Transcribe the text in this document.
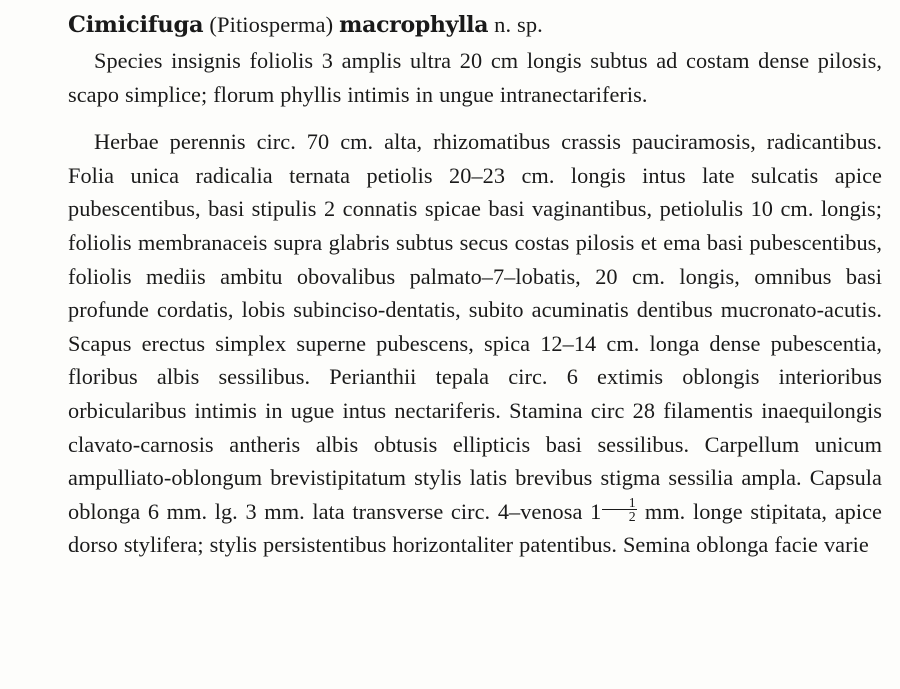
Cimicifuga (Pitiosperma) macrophylla n. sp.

Species insignis foliolis 3 amplis ultra 20 cm longis subtus ad costam dense pilosis, scapo simplice; florum phyllis intimis in ungue intranectariferis.

Herbae perennis circ. 70 cm. alta, rhizomatibus crassis pauciramosis, radicantibus. Folia unica radicalia ternata petiolis 20–23 cm. longis intus late sulcatis apice pubescentibus, basi stipulis 2 connatis spicae basi vaginantibus, petiolulis 10 cm. longis; foliolis membranaceis supra glabris subtus secus costas pilosis et ema basi pubescentibus, foliolis mediis ambitu obovalibus palmato–7–lobatis, 20 cm. longis, omnibus basi profunde cordatis, lobis subinciso-dentatis, subito acuminatis dentibus mucronato-acutis. Scapus erectus simplex superne pubescens, spica 12–14 cm. longa dense pubescentia, floribus albis sessilibus. Perianthii tepala circ. 6 extimis oblongis interioribus orbicularibus intimis in ugue intus nectariferis. Stamina circ 28 filamentis inaequilongis clavato-carnosis antheris albis obtusis ellipticis basi sessilibus. Carpellum unicum ampulliato-oblongum brevistipitatum stylis latis brevibus stigma sessilia ampla. Capsula oblonga 6 mm. lg. 3 mm. lata transverse circ. 4–venosa $1 \frac{1}{2}$ mm. longe stipitata, apice dorso stylifera; stylis persistentibus horizontaliter patentibus. Semina oblonga facie varie
